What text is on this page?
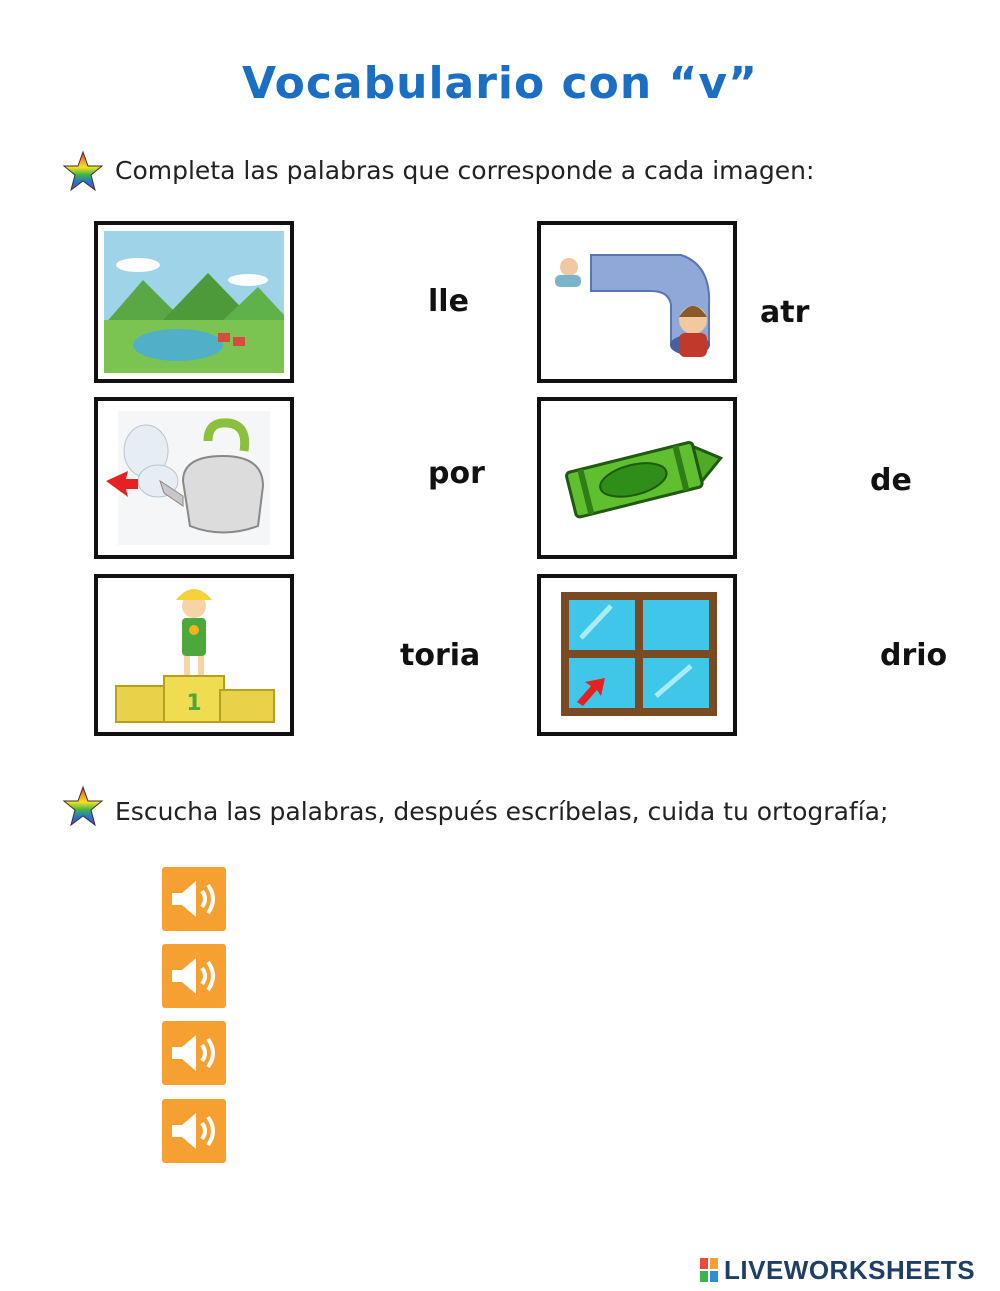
Vocabulario con “v”
Completa las palabras que corresponde a cada imagen:
lle	atr
por	de
1
toria	drio
Escucha las palabras, después escríbelas, cuida tu ortografía;
LIVEWORKSHEETS
